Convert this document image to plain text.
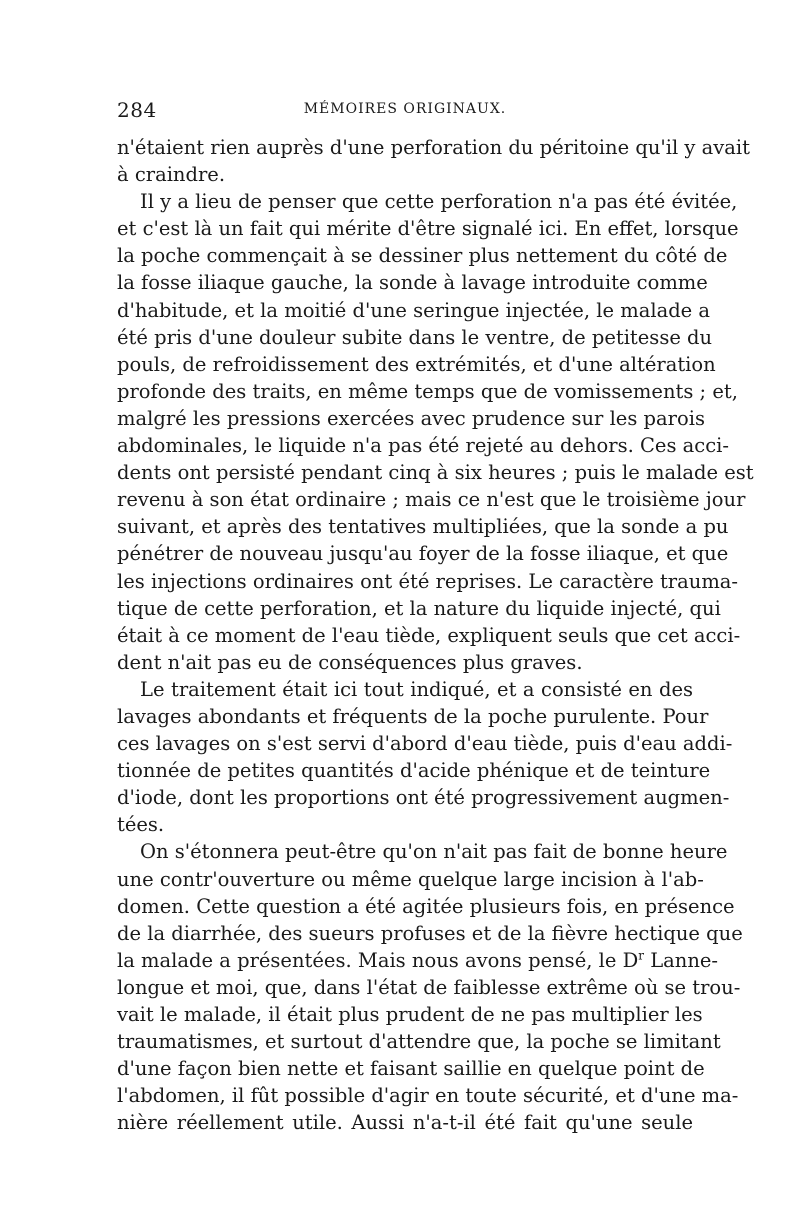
284	MÉMOIRES ORIGINAUX.
n'étaient rien auprès d'une perforation du péritoine qu'il y avait
à craindre.
Il y a lieu de penser que cette perforation n'a pas été évitée,
et c'est là un fait qui mérite d'être signalé ici. En effet, lorsque
la poche commençait à se dessiner plus nettement du côté de
la fosse iliaque gauche, la sonde à lavage introduite comme
d'habitude, et la moitié d'une seringue injectée, le malade a
été pris d'une douleur subite dans le ventre, de petitesse du
pouls, de refroidissement des extrémités, et d'une altération
profonde des traits, en même temps que de vomissements ; et,
malgré les pressions exercées avec prudence sur les parois
abdominales, le liquide n'a pas été rejeté au dehors. Ces acci-
dents ont persisté pendant cinq à six heures ; puis le malade est
revenu à son état ordinaire ; mais ce n'est que le troisième jour
suivant, et après des tentatives multipliées, que la sonde a pu
pénétrer de nouveau jusqu'au foyer de la fosse iliaque, et que
les injections ordinaires ont été reprises. Le caractère trauma-
tique de cette perforation, et la nature du liquide injecté, qui
était à ce moment de l'eau tiède, expliquent seuls que cet acci-
dent n'ait pas eu de conséquences plus graves.
Le traitement était ici tout indiqué, et a consisté en des
lavages abondants et fréquents de la poche purulente. Pour
ces lavages on s'est servi d'abord d'eau tiède, puis d'eau addi-
tionnée de petites quantités d'acide phénique et de teinture
d'iode, dont les proportions ont été progressivement augmen-
tées.
On s'étonnera peut-être qu'on n'ait pas fait de bonne heure
une contr'ouverture ou même quelque large incision à l'ab-
domen. Cette question a été agitée plusieurs fois, en présence
de la diarrhée, des sueurs profuses et de la fièvre hectique que
la malade a présentées. Mais nous avons pensé, le $D^r$ Lanne-
longue et moi, que, dans l'état de faiblesse extrême où se trou-
vait le malade, il était plus prudent de ne pas multiplier les
traumatismes, et surtout d'attendre que, la poche se limitant
d'une façon bien nette et faisant saillie en quelque point de
l'abdomen, il fût possible d'agir en toute sécurité, et d'une ma-
nière réellement utile. Aussi n'a-t-il été fait qu'une seule
